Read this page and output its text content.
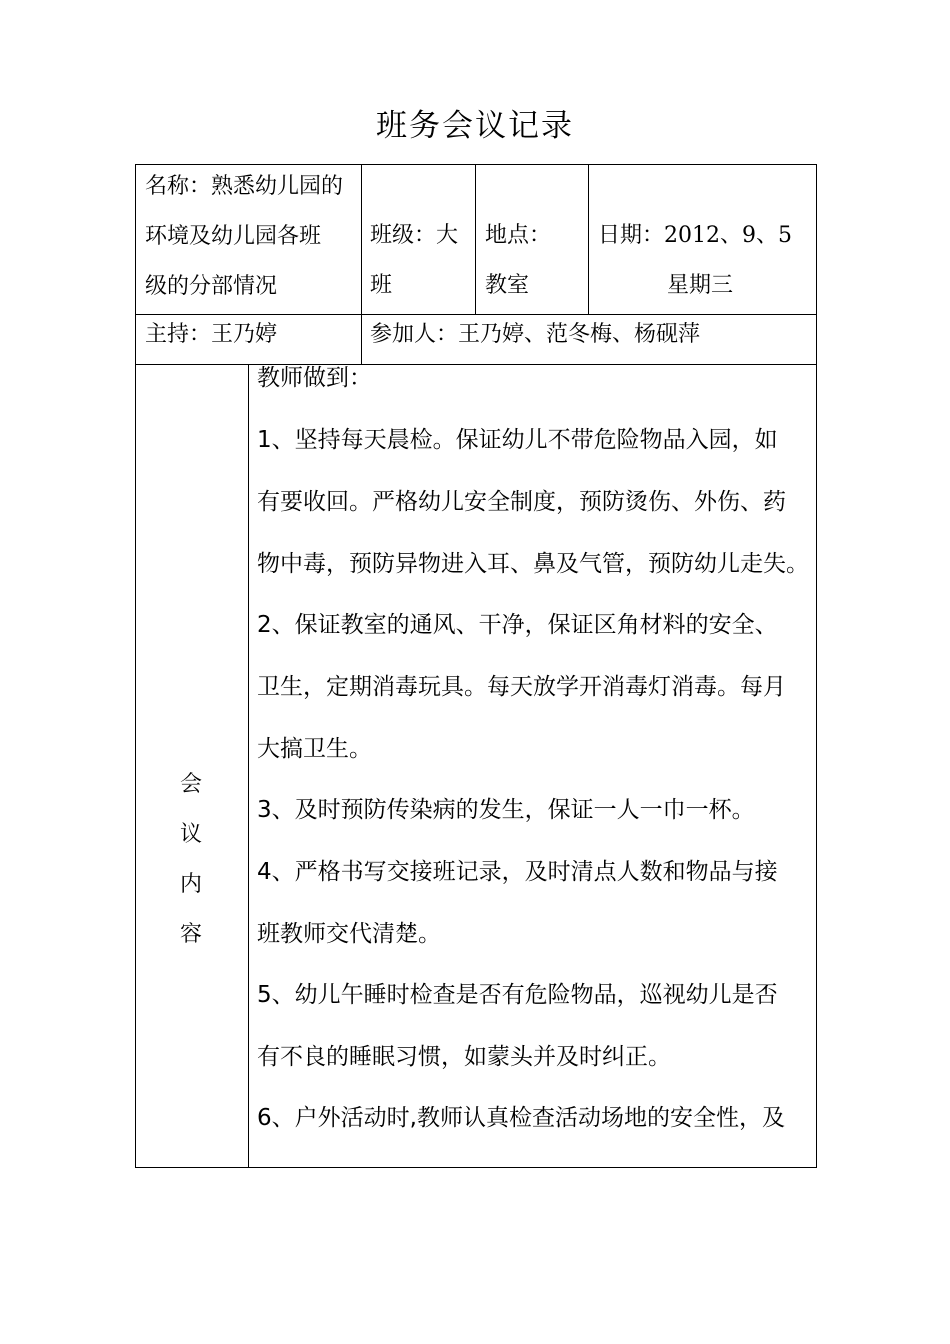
班务会议记录
名称：熟悉幼儿园的
环境及幼儿园各班
级的分部情况
班级：大
班
地点：
教室
日期：2012、9、5
星期三
主持：王乃婷	参加人：王乃婷、范冬梅、杨砚萍
会
议
内
容
教师做到：
1、坚持每天晨检。保证幼儿不带危险物品入园，如
有要收回。严格幼儿安全制度，预防烫伤、外伤、药
物中毒，预防异物进入耳、鼻及气管，预防幼儿走失。
2、保证教室的通风、干净，保证区角材料的安全、
卫生，定期消毒玩具。每天放学开消毒灯消毒。每月
大搞卫生。
3、及时预防传染病的发生，保证一人一巾一杯。
4、严格书写交接班记录，及时清点人数和物品与接
班教师交代清楚。
5、幼儿午睡时检查是否有危险物品，巡视幼儿是否
有不良的睡眠习惯，如蒙头并及时纠正。
6、户外活动时,教师认真检查活动场地的安全性，及
